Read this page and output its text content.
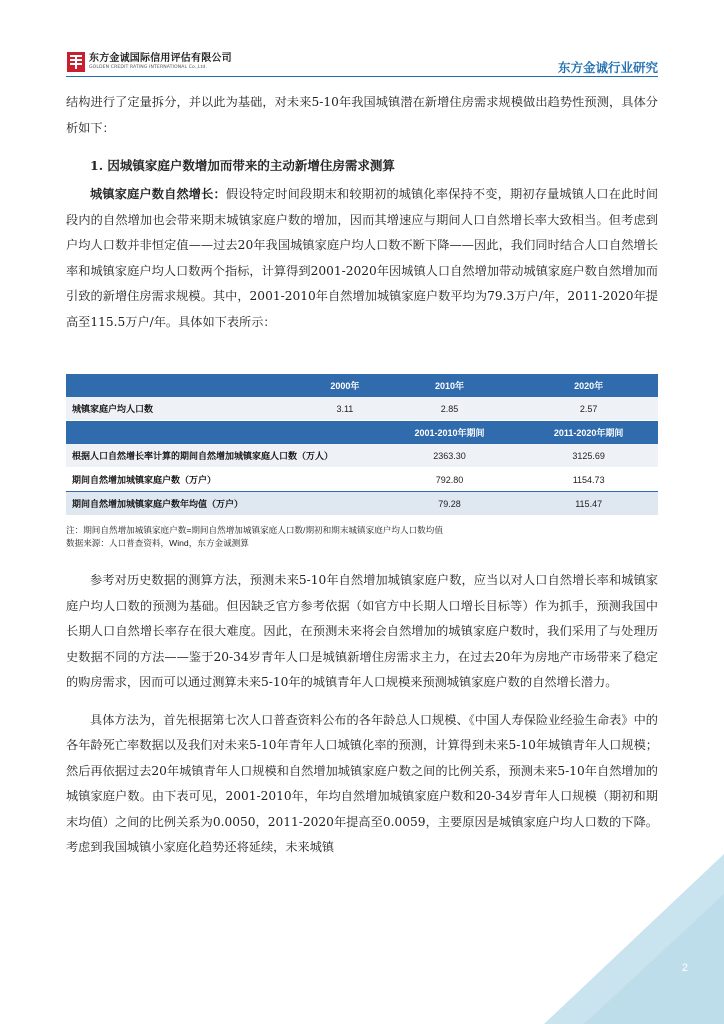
东方金诚国际信用评估有限公司
GOLDEN CREDIT RATING INTERNATIONAL Co.,Ltd.	东方金诚行业研究

结构进行了定量拆分，并以此为基础，对未来5-10年我国城镇潜在新增住房需求规模做出趋势性预测，具体分析如下：

1. 因城镇家庭户数增加而带来的主动新增住房需求测算

城镇家庭户数自然增长：假设特定时间段期末和较期初的城镇化率保持不变，期初存量城镇人口在此时间段内的自然增加也会带来期末城镇家庭户数的增加，因而其增速应与期间人口自然增长率大致相当。但考虑到户均人口数并非恒定值——过去20年我国城镇家庭户均人口数不断下降——因此，我们同时结合人口自然增长率和城镇家庭户均人口数两个指标，计算得到2001-2020年因城镇人口自然增加带动城镇家庭户数自然增加而引致的新增住房需求规模。其中，2001-2010年自然增加城镇家庭户数平均为79.3万户/年，2011-2020年提高至115.5万户/年。具体如下表所示：

	2000年	2010年	2020年
城镇家庭户均人口数	3.11	2.85	2.57
		2001-2010年期间	2011-2020年期间
根据人口自然增长率计算的期间自然增加城镇家庭人口数（万人）		2363.30	3125.69
期间自然增加城镇家庭户数（万户）		792.80	1154.73
期间自然增加城镇家庭户数年均值（万户）		79.28	115.47
注：期间自然增加城镇家庭户数=期间自然增加城镇家庭人口数/期初和期末城镇家庭户均人口数均值
数据来源：人口普查资料，Wind，东方金诚测算

参考对历史数据的测算方法，预测未来5-10年自然增加城镇家庭户数，应当以对人口自然增长率和城镇家庭户均人口数的预测为基础。但因缺乏官方参考依据（如官方中长期人口增长目标等）作为抓手，预测我国中长期人口自然增长率存在很大难度。因此，在预测未来将会自然增加的城镇家庭户数时，我们采用了与处理历史数据不同的方法——鉴于20-34岁青年人口是城镇新增住房需求主力，在过去20年为房地产市场带来了稳定的购房需求，因而可以通过测算未来5-10年的城镇青年人口规模来预测城镇家庭户数的自然增长潜力。

具体方法为，首先根据第七次人口普查资料公布的各年龄总人口规模、《中国人寿保险业经验生命表》中的各年龄死亡率数据以及我们对未来5-10年青年人口城镇化率的预测，计算得到未来5-10年城镇青年人口规模；然后再依据过去20年城镇青年人口规模和自然增加城镇家庭户数之间的比例关系，预测未来5-10年自然增加的城镇家庭户数。由下表可见，2001-2010年，年均自然增加城镇家庭户数和20-34岁青年人口规模（期初和期末均值）之间的比例关系为0.0050，2011-2020年提高至0.0059，主要原因是城镇家庭户均人口数的下降。考虑到我国城镇小家庭化趋势还将延续，未来城镇

2
